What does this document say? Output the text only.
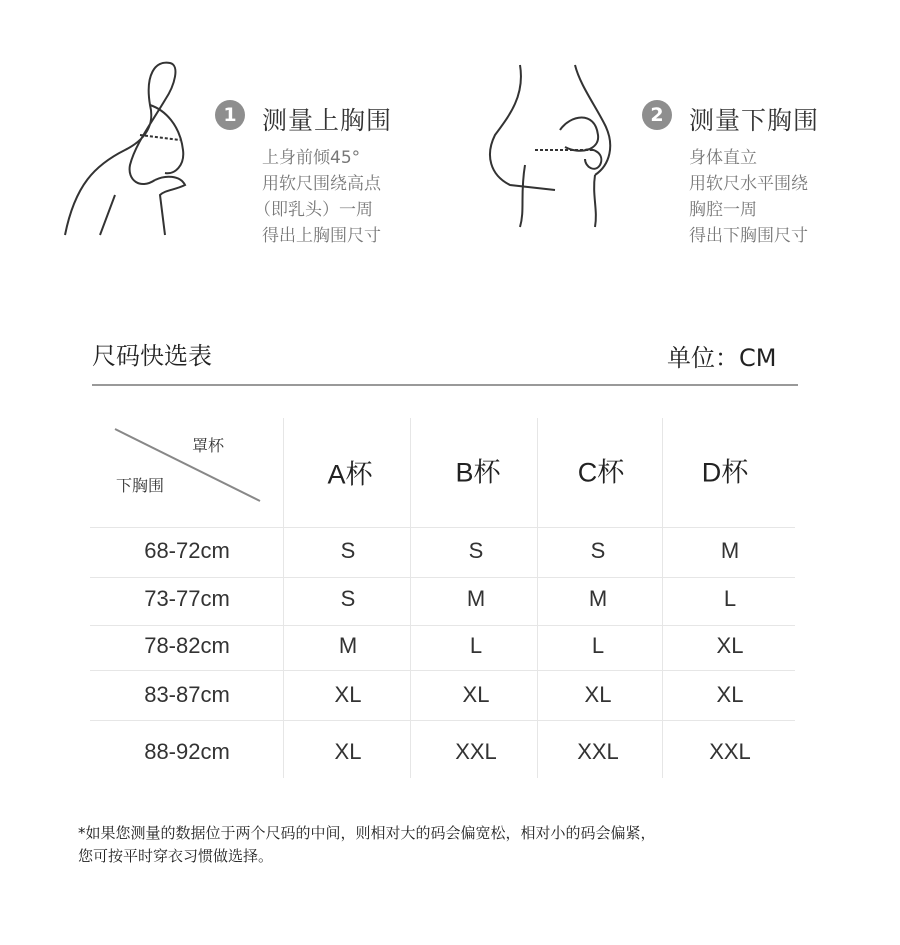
1	测量上胸围
上身前倾45°
用软尺围绕高点
（即乳头）一周
得出上胸围尺寸
2	测量下胸围
身体直立
用软尺水平围绕
胸腔一周
得出下胸围尺寸
尺码快选表	单位：CM
罩杯
下胸围	A杯	B杯	C杯	D杯
68-72cm	S	S	S	M
73-77cm	S	M	M	L
78-82cm	M	L	L	XL
83-87cm	XL	XL	XL	XL
88-92cm	XL	XXL	XXL	XXL
*如果您测量的数据位于两个尺码的中间，则相对大的码会偏宽松，相对小的码会偏紧，
您可按平时穿衣习惯做选择。
